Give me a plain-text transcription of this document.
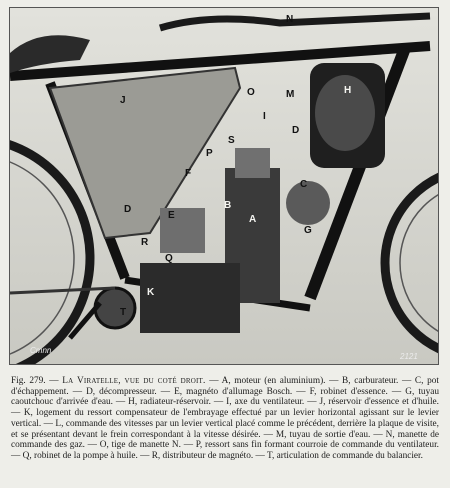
N
J
O	M	H
I
D
S
P
F
C
B
D
E	A
G
R
Q
K
T
Cmnn
2121
Fig. 279. — La Viratelle, vue du coté droit. — A, moteur (en aluminium). — B, carburateur. — C, pot d'échappement. — D, décompresseur. — E, magnéto d'allumage Bosch. — F, robinet d'essence. — G, tuyau caoutchouc d'arrivée d'eau. — H, radiateur-réservoir. — I, axe du ventilateur. — J, réservoir d'essence et d'huile. — K, logement du ressort compensateur de l'embrayage effectué par un levier horizontal agissant sur le levier vertical. — L, commande des vitesses par un levier vertical placé comme le précédent, derrière la plaque de visite, et se présentant devant le frein correspondant à la vitesse désirée. — M, tuyau de sortie d'eau. — N, manette de commande des gaz. — O, tige de manette N. — P, ressort sans fin formant courroie de commande du ventilateur. — Q, robinet de la pompe à huile. — R, distributeur de magnéto. — T, articulation de commande du balancier.
